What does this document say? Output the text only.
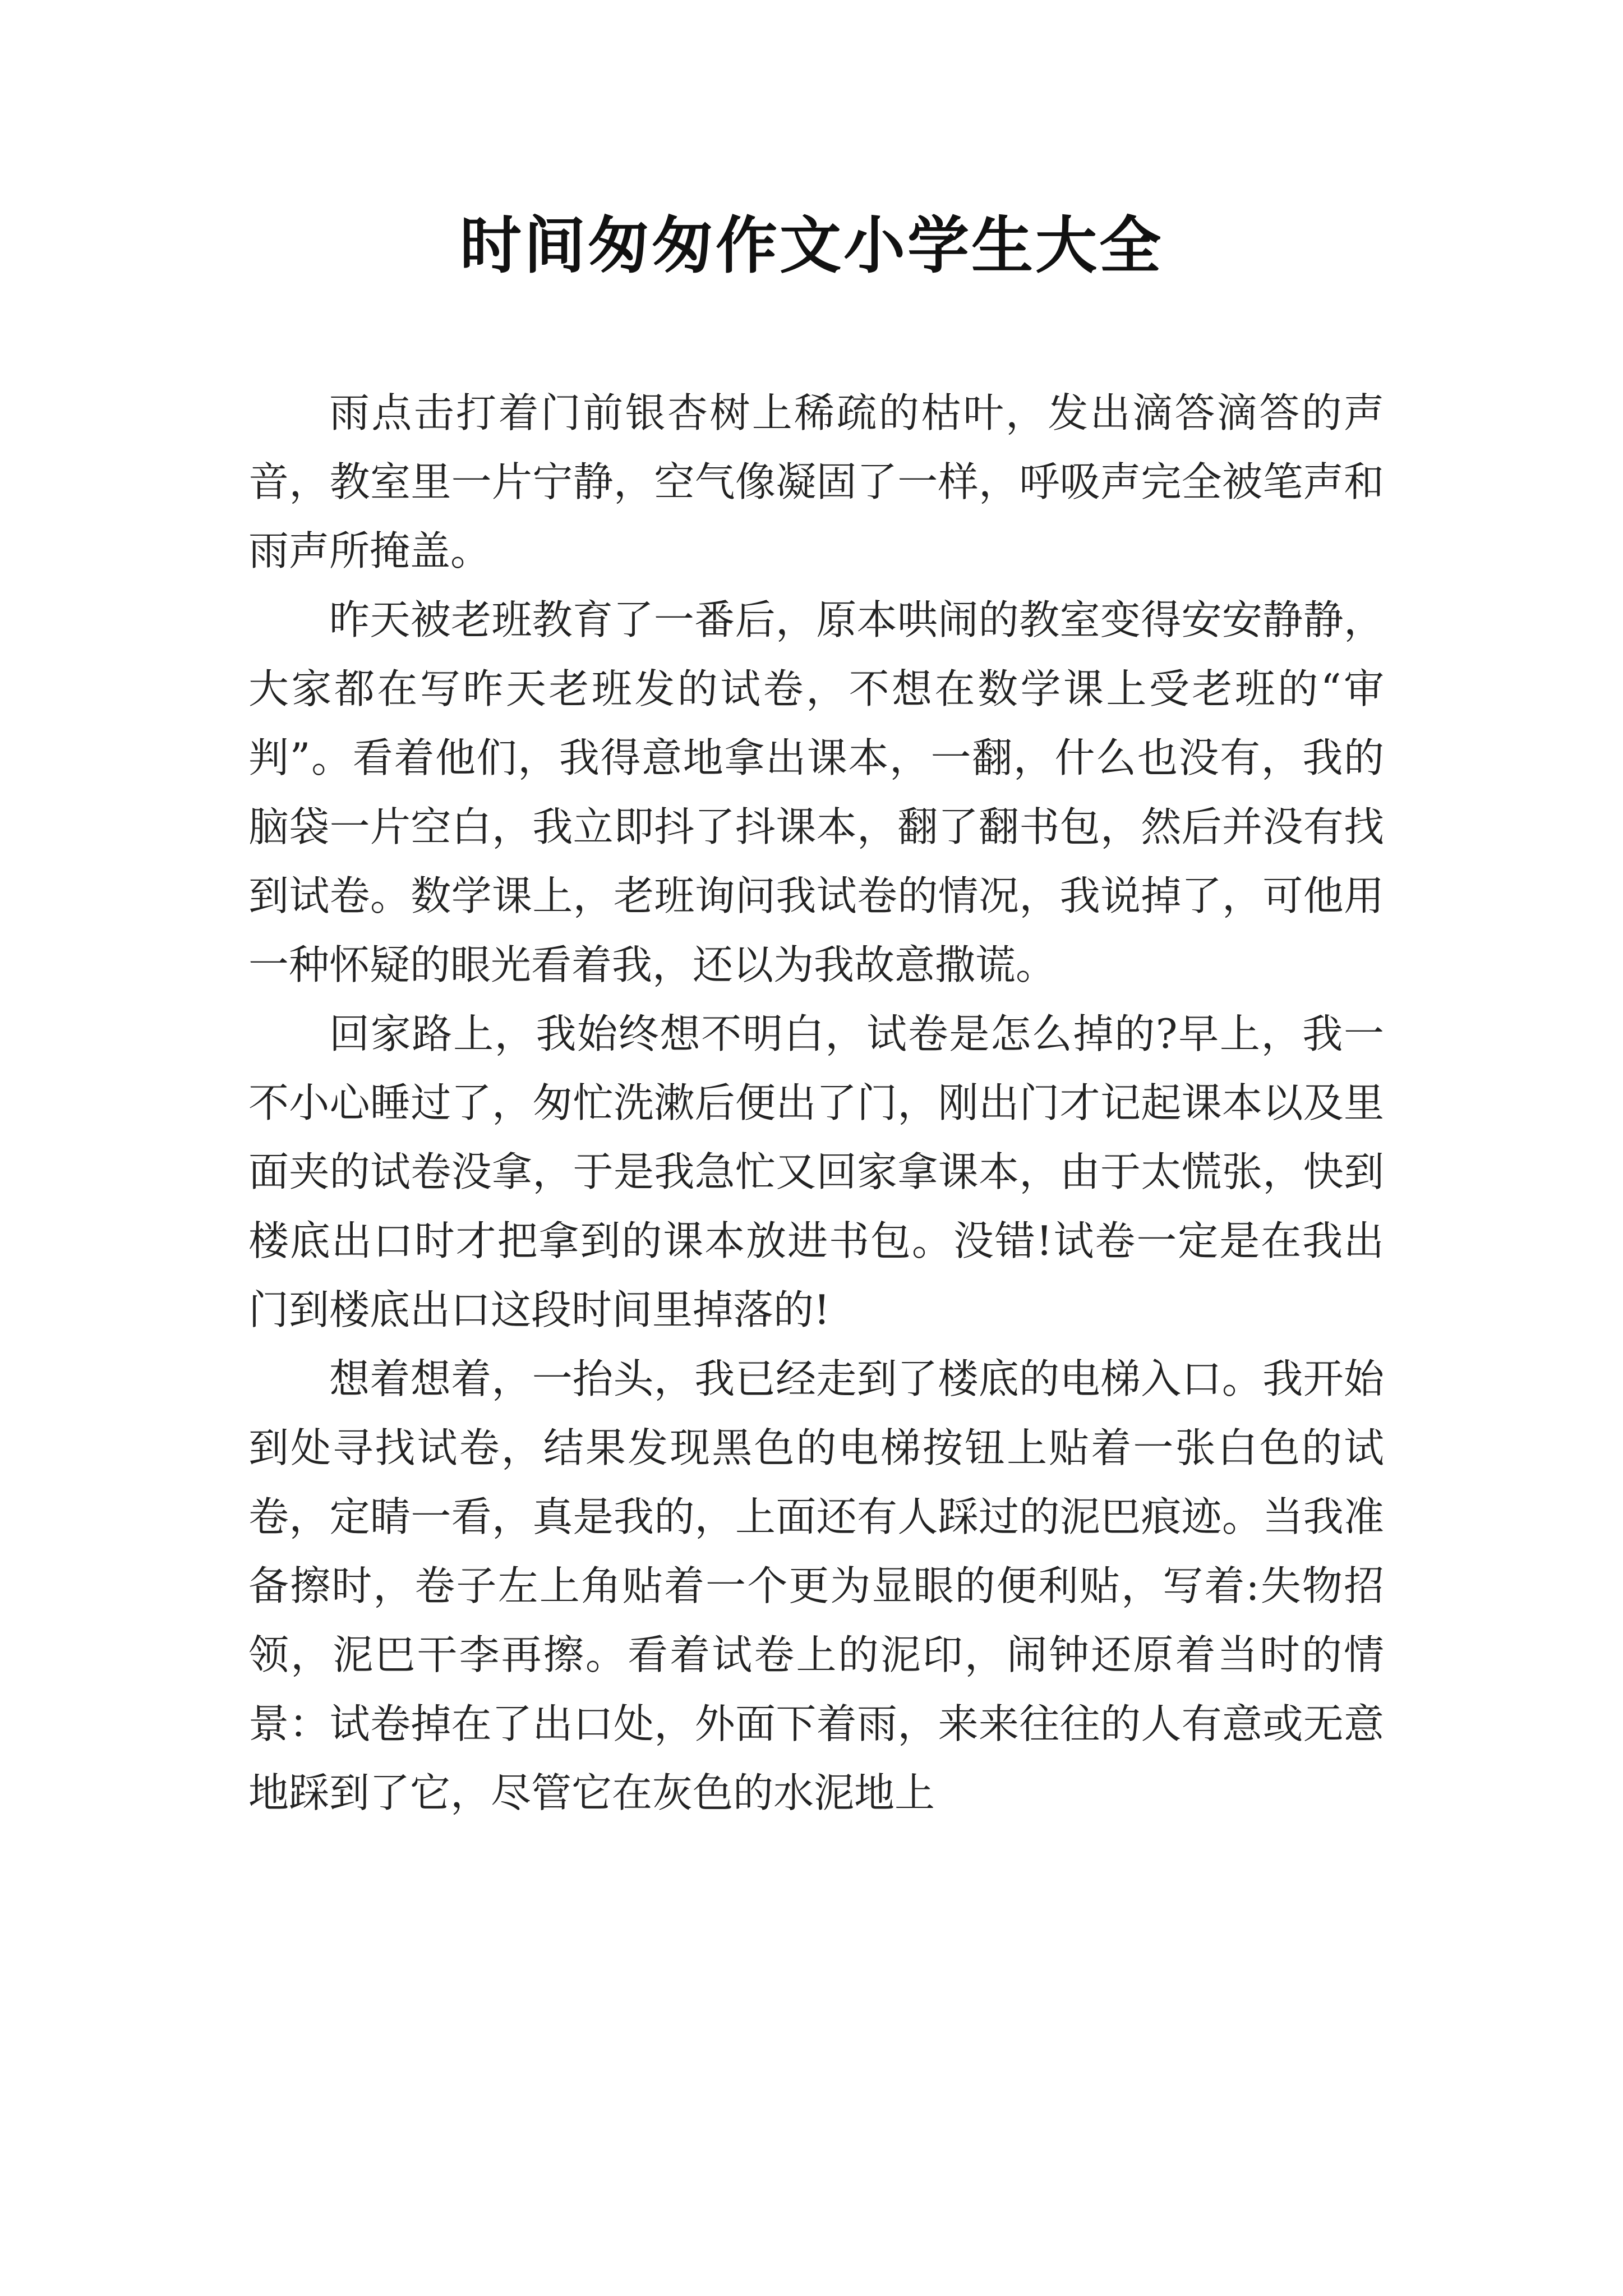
时间匆匆作文小学生大全

雨点击打着门前银杏树上稀疏的枯叶，发出滴答滴答的声音，教室里一片宁静，空气像凝固了一样，呼吸声完全被笔声和雨声所掩盖。

昨天被老班教育了一番后，原本哄闹的教室变得安安静静，大家都在写昨天老班发的试卷，不想在数学课上受老班的“审判”。看着他们，我得意地拿出课本，一翻，什么也没有，我的脑袋一片空白，我立即抖了抖课本，翻了翻书包，然后并没有找到试卷。数学课上，老班询问我试卷的情况，我说掉了，可他用一种怀疑的眼光看着我，还以为我故意撒谎。

回家路上，我始终想不明白，试卷是怎么掉的?早上，我一不小心睡过了，匆忙洗漱后便出了门，刚出门才记起课本以及里面夹的试卷没拿，于是我急忙又回家拿课本，由于太慌张，快到楼底出口时才把拿到的课本放进书包。没错!试卷一定是在我出门到楼底出口这段时间里掉落的!

想着想着，一抬头，我已经走到了楼底的电梯入口。我开始到处寻找试卷，结果发现黑色的电梯按钮上贴着一张白色的试卷，定睛一看，真是我的，上面还有人踩过的泥巴痕迹。当我准备擦时，卷子左上角贴着一个更为显眼的便利贴，写着:失物招领，泥巴干李再擦。看着试卷上的泥印，闹钟还原着当时的情景：试卷掉在了出口处，外面下着雨，来来往往的人有意或无意地踩到了它，尽管它在灰色的水泥地上
